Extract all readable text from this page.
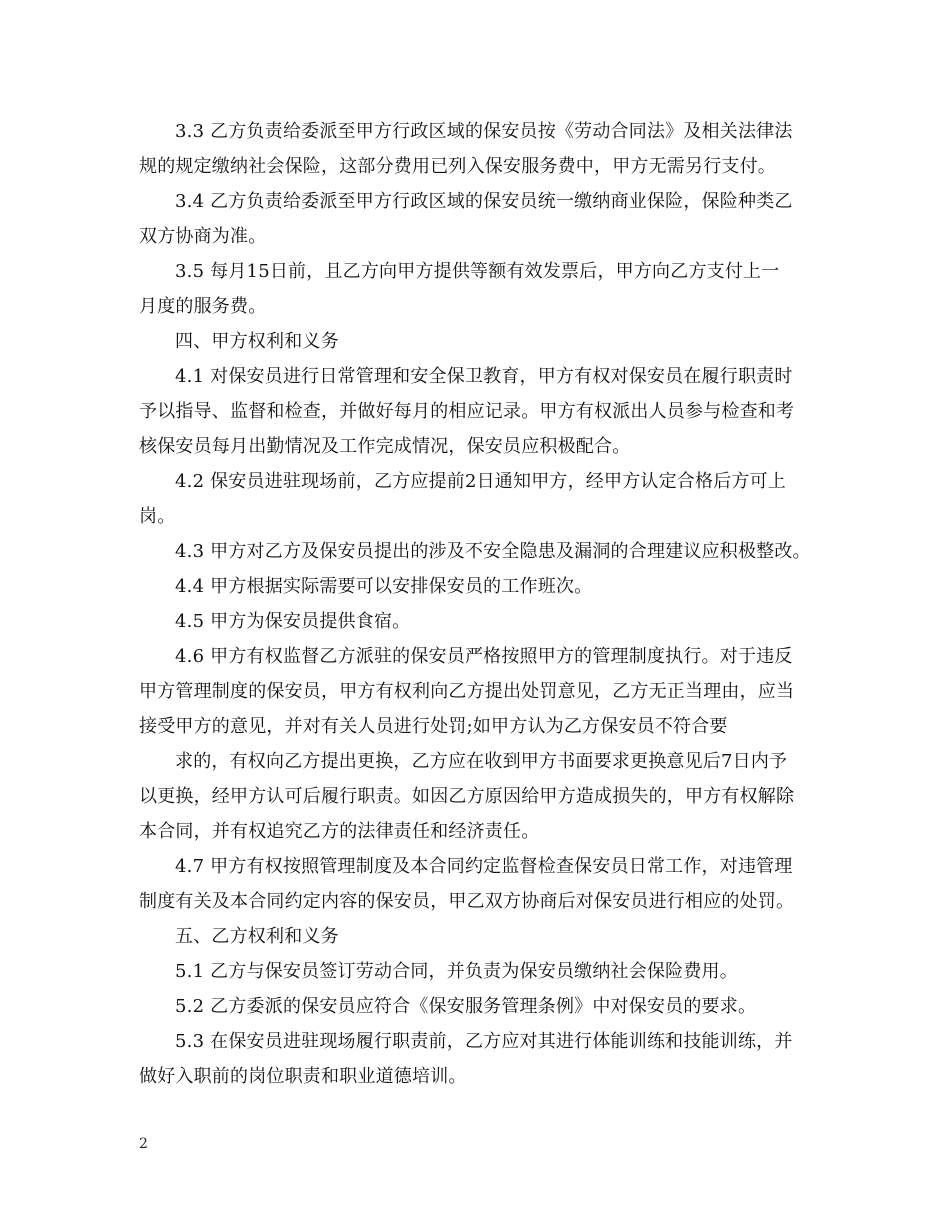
3.3 乙方负责给委派至甲方行政区域的保安员按《劳动合同法》及相关法律法
规的规定缴纳社会保险，这部分费用已列入保安服务费中，甲方无需另行支付。
3.4 乙方负责给委派至甲方行政区域的保安员统一缴纳商业保险，保险种类乙
双方协商为准。
3.5 每月15日前，且乙方向甲方提供等额有效发票后，甲方向乙方支付上一
月度的服务费。
四、甲方权利和义务
4.1 对保安员进行日常管理和安全保卫教育，甲方有权对保安员在履行职责时
予以指导、监督和检查，并做好每月的相应记录。甲方有权派出人员参与检查和考
核保安员每月出勤情况及工作完成情况，保安员应积极配合。
4.2 保安员进驻现场前，乙方应提前2日通知甲方，经甲方认定合格后方可上
岗。
4.3 甲方对乙方及保安员提出的涉及不安全隐患及漏洞的合理建议应积极整改。
4.4 甲方根据实际需要可以安排保安员的工作班次。
4.5 甲方为保安员提供食宿。
4.6 甲方有权监督乙方派驻的保安员严格按照甲方的管理制度执行。对于违反
甲方管理制度的保安员，甲方有权利向乙方提出处罚意见，乙方无正当理由，应当
接受甲方的意见，并对有关人员进行处罚;如甲方认为乙方保安员不符合要
求的，有权向乙方提出更换，乙方应在收到甲方书面要求更换意见后7日内予
以更换，经甲方认可后履行职责。如因乙方原因给甲方造成损失的，甲方有权解除
本合同，并有权追究乙方的法律责任和经济责任。
4.7 甲方有权按照管理制度及本合同约定监督检查保安员日常工作，对违管理
制度有关及本合同约定内容的保安员，甲乙双方协商后对保安员进行相应的处罚。
五、乙方权利和义务
5.1 乙方与保安员签订劳动合同，并负责为保安员缴纳社会保险费用。
5.2 乙方委派的保安员应符合《保安服务管理条例》中对保安员的要求。
5.3 在保安员进驻现场履行职责前，乙方应对其进行体能训练和技能训练，并
做好入职前的岗位职责和职业道德培训。
2
